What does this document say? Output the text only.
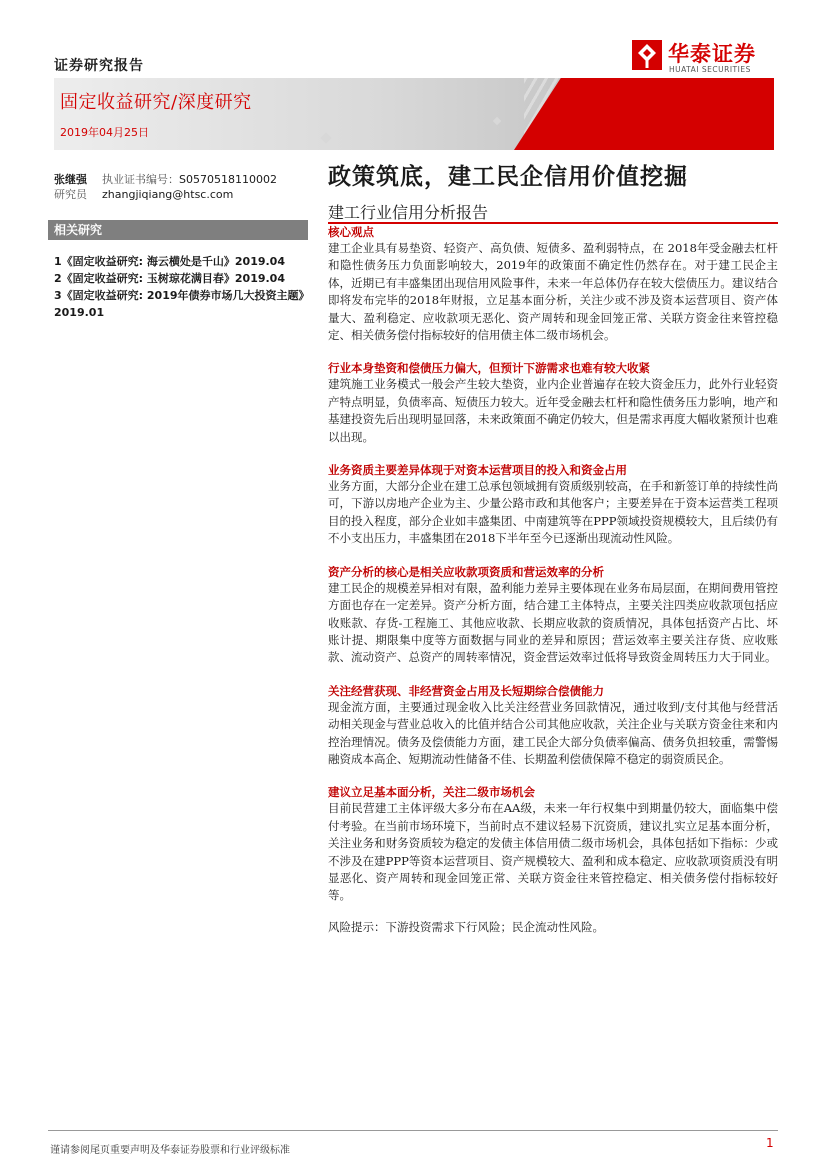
证券研究报告	华泰证券
HUATAI SECURITIES
固定收益研究/深度研究
2019年04月25日
张继强 执业证书编号：S0570518110002
研究员 zhangjiqiang@htsc.com
相关研究
1《固定收益研究: 海云横处是千山》2019.04
2《固定收益研究: 玉树琼花满目春》2019.04
3《固定收益研究: 2019年债券市场几大投资主题》2019.01
政策筑底，建工民企信用价值挖掘
建工行业信用分析报告
核心观点

建工企业具有易垫资、轻资产、高负债、短债多、盈利弱特点，在 2018年受金融去杠杆和隐性债务压力负面影响较大，2019年的政策面不确定性仍然存在。对于建工民企主体，近期已有丰盛集团出现信用风险事件，未来一年总体仍存在较大偿债压力。建议结合即将发布完毕的2018年财报，立足基本面分析，关注少或不涉及资本运营项目、资产体量大、盈利稳定、应收款项无恶化、资产周转和现金回笼正常、关联方资金往来管控稳定、相关债务偿付指标较好的信用债主体二级市场机会。

行业本身垫资和偿债压力偏大，但预计下游需求也难有较大收紧

建筑施工业务模式一般会产生较大垫资，业内企业普遍存在较大资金压力，此外行业轻资产特点明显，负债率高、短债压力较大。近年受金融去杠杆和隐性债务压力影响，地产和基建投资先后出现明显回落，未来政策面不确定仍较大，但是需求再度大幅收紧预计也难以出现。

业务资质主要差异体现于对资本运营项目的投入和资金占用

业务方面，大部分企业在建工总承包领域拥有资质级别较高，在手和新签订单的持续性尚可，下游以房地产企业为主、少量公路市政和其他客户；主要差异在于资本运营类工程项目的投入程度，部分企业如丰盛集团、中南建筑等在PPP领域投资规模较大，且后续仍有不小支出压力，丰盛集团在2018下半年至今已逐渐出现流动性风险。

资产分析的核心是相关应收款项资质和营运效率的分析

建工民企的规模差异相对有限，盈利能力差异主要体现在业务布局层面，在期间费用管控方面也存在一定差异。资产分析方面，结合建工主体特点，主要关注四类应收款项包括应收账款、存货-工程施工、其他应收款、长期应收款的资质情况，具体包括资产占比、坏账计提、期限集中度等方面数据与同业的差异和原因；营运效率主要关注存货、应收账款、流动资产、总资产的周转率情况，资金营运效率过低将导致资金周转压力大于同业。

关注经营获现、非经营资金占用及长短期综合偿债能力

现金流方面，主要通过现金收入比关注经营业务回款情况，通过收到/支付其他与经营活动相关现金与营业总收入的比值并结合公司其他应收款，关注企业与关联方资金往来和内控治理情况。债务及偿债能力方面，建工民企大部分负债率偏高、债务负担较重，需警惕融资成本高企、短期流动性储备不佳、长期盈利偿债保障不稳定的弱资质民企。

建议立足基本面分析，关注二级市场机会

目前民营建工主体评级大多分布在AA级，未来一年行权集中到期量仍较大，面临集中偿付考验。在当前市场环境下，当前时点不建议轻易下沉资质，建议扎实立足基本面分析，关注业务和财务资质较为稳定的发债主体信用债二级市场机会，具体包括如下指标：少或不涉及在建PPP等资本运营项目、资产规模较大、盈利和成本稳定、应收款项资质没有明显恶化、资产周转和现金回笼正常、关联方资金往来管控稳定、相关债务偿付指标较好等。

风险提示：下游投资需求下行风险；民企流动性风险。
谨请参阅尾页重要声明及华泰证券股票和行业评级标准
1
